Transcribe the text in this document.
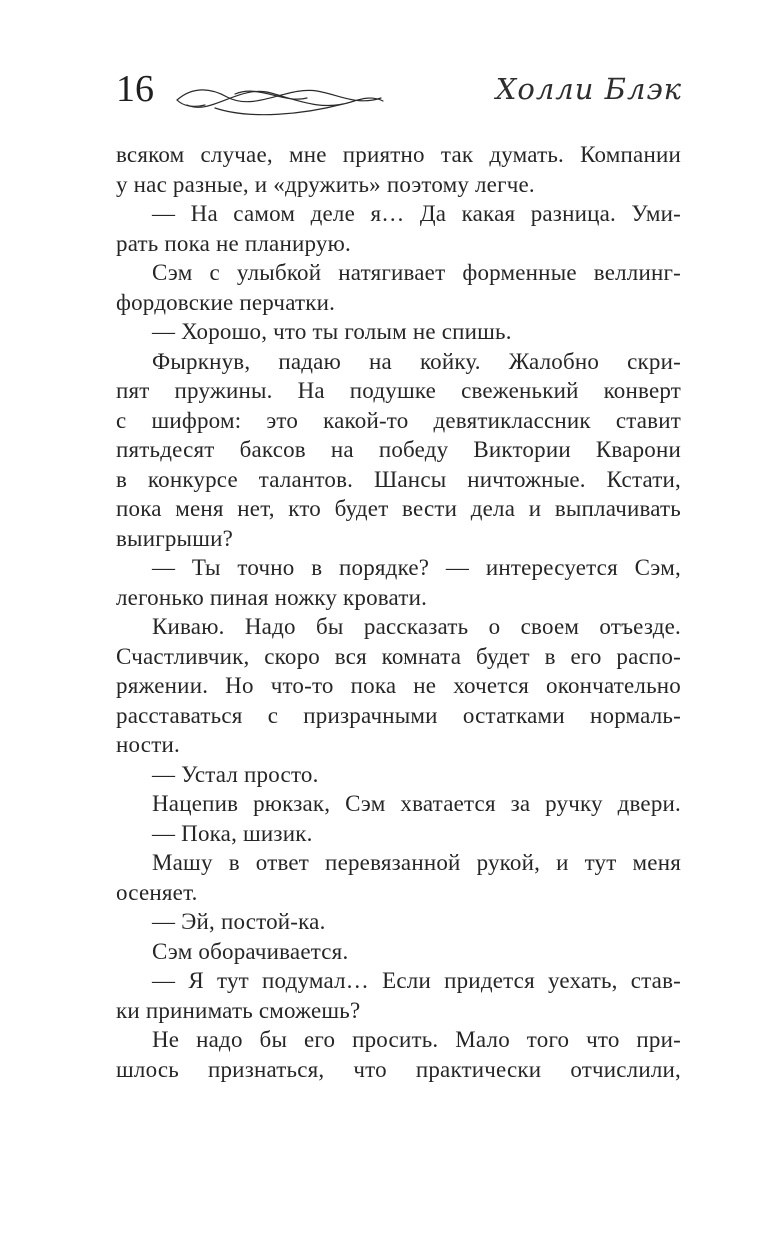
16	Холли Блэк
всяком случае, мне приятно так думать. Компании
у нас разные, и «дружить» поэтому легче.
— На самом деле я… Да какая разница. Уми-
рать пока не планирую.
Сэм с улыбкой натягивает форменные веллинг-
фордовские перчатки.
— Хорошо, что ты голым не спишь.
Фыркнув, падаю на койку. Жалобно скри-
пят пружины. На подушке свеженький конверт
с шифром: это какой-то девятиклассник ставит
пятьдесят баксов на победу Виктории Кварони
в конкурсе талантов. Шансы ничтожные. Кстати,
пока меня нет, кто будет вести дела и выплачивать
выигрыши?
— Ты точно в порядке? — интересуется Сэм,
легонько пиная ножку кровати.
Киваю. Надо бы рассказать о своем отъезде.
Счастливчик, скоро вся комната будет в его распо-
ряжении. Но что-то пока не хочется окончательно
расставаться с призрачными остатками нормаль-
ности.
— Устал просто.
Нацепив рюкзак, Сэм хватается за ручку двери.
— Пока, шизик.
Машу в ответ перевязанной рукой, и тут меня
осеняет.
— Эй, постой-ка.
Сэм оборачивается.
— Я тут подумал… Если придется уехать, став-
ки принимать сможешь?
Не надо бы его просить. Мало того что при-
шлось признаться, что практически отчислили,
